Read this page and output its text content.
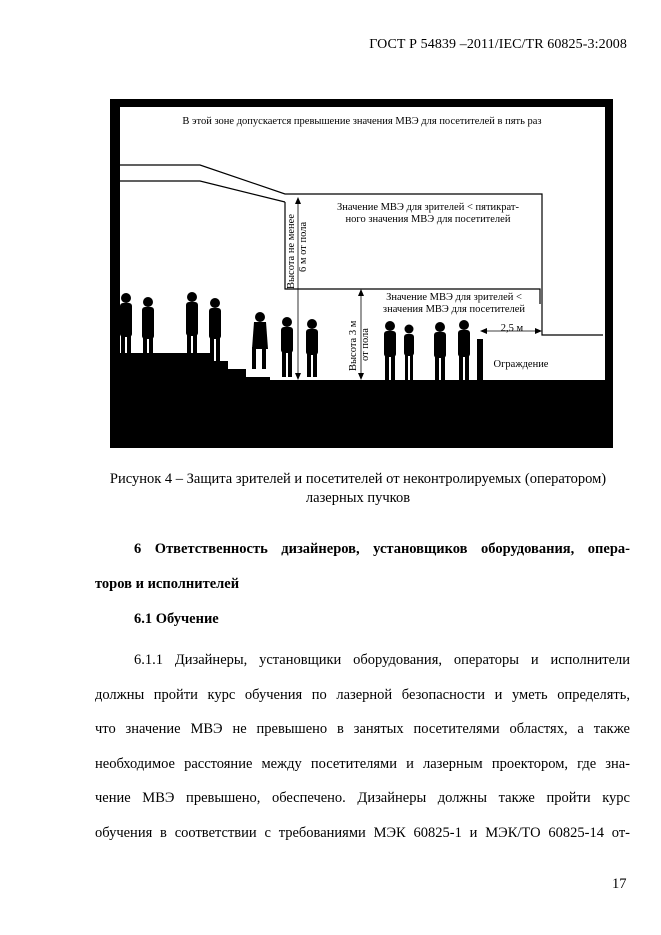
ГОСТ Р 54839 –2011/IEC/TR 60825-3:2008
В этой зоне допускается превышение значения МВЭ для посетителей в пять раз
Значение МВЭ для зрителей < пятикрат-
ного значения МВЭ для посетителей
Значение МВЭ для зрителей <
значения МВЭ для посетителей
2,5 м
Ограждение
Высота не менее 6 м от пола
Высота 3 м от пола
Рисунок 4 – Защита зрителей и посетителей от неконтролируемых (оператором)
лазерных пучков
6 Ответственность дизайнеров, установщиков оборудования, опера-
торов и исполнителей
6.1 Обучение
6.1.1 Дизайнеры, установщики оборудования, операторы и исполнители
должны пройти курс обучения по лазерной безопасности и уметь определять,
что значение МВЭ не превышено в занятых посетителями областях, а также
необходимое расстояние между посетителями и лазерным проектором, где зна-
чение МВЭ превышено, обеспечено. Дизайнеры должны также пройти курс
обучения в соответствии с требованиями МЭК 60825-1 и МЭК/ТО 60825-14 от-
17
